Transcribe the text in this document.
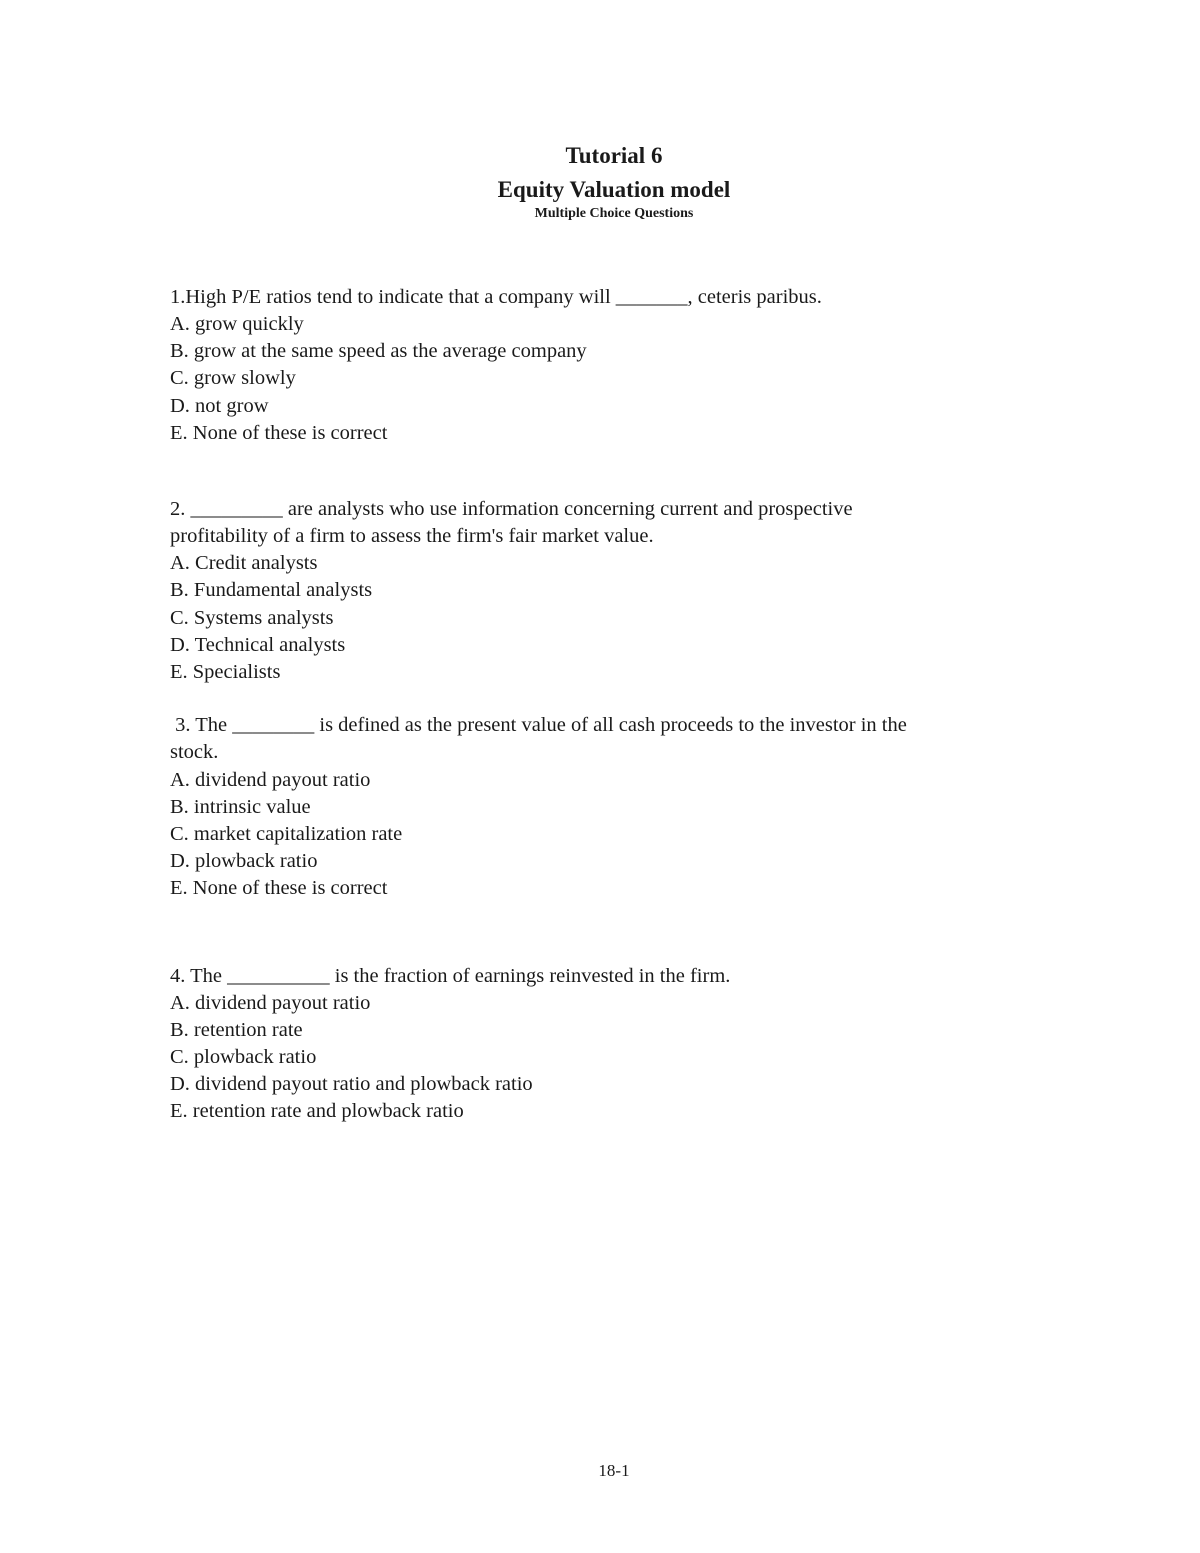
Tutorial 6
Equity Valuation model
Multiple Choice Questions
1.High P/E ratios tend to indicate that a company will _______, ceteris paribus.
A. grow quickly
B. grow at the same speed as the average company
C. grow slowly
D. not grow
E. None of these is correct
2. _________ are analysts who use information concerning current and prospective
profitability of a firm to assess the firm's fair market value.
A. Credit analysts
B. Fundamental analysts
C. Systems analysts
D. Technical analysts
E. Specialists
3. The ________ is defined as the present value of all cash proceeds to the investor in the
stock.
A. dividend payout ratio
B. intrinsic value
C. market capitalization rate
D. plowback ratio
E. None of these is correct
4. The __________ is the fraction of earnings reinvested in the firm.
A. dividend payout ratio
B. retention rate
C. plowback ratio
D. dividend payout ratio and plowback ratio
E. retention rate and plowback ratio
18-1
